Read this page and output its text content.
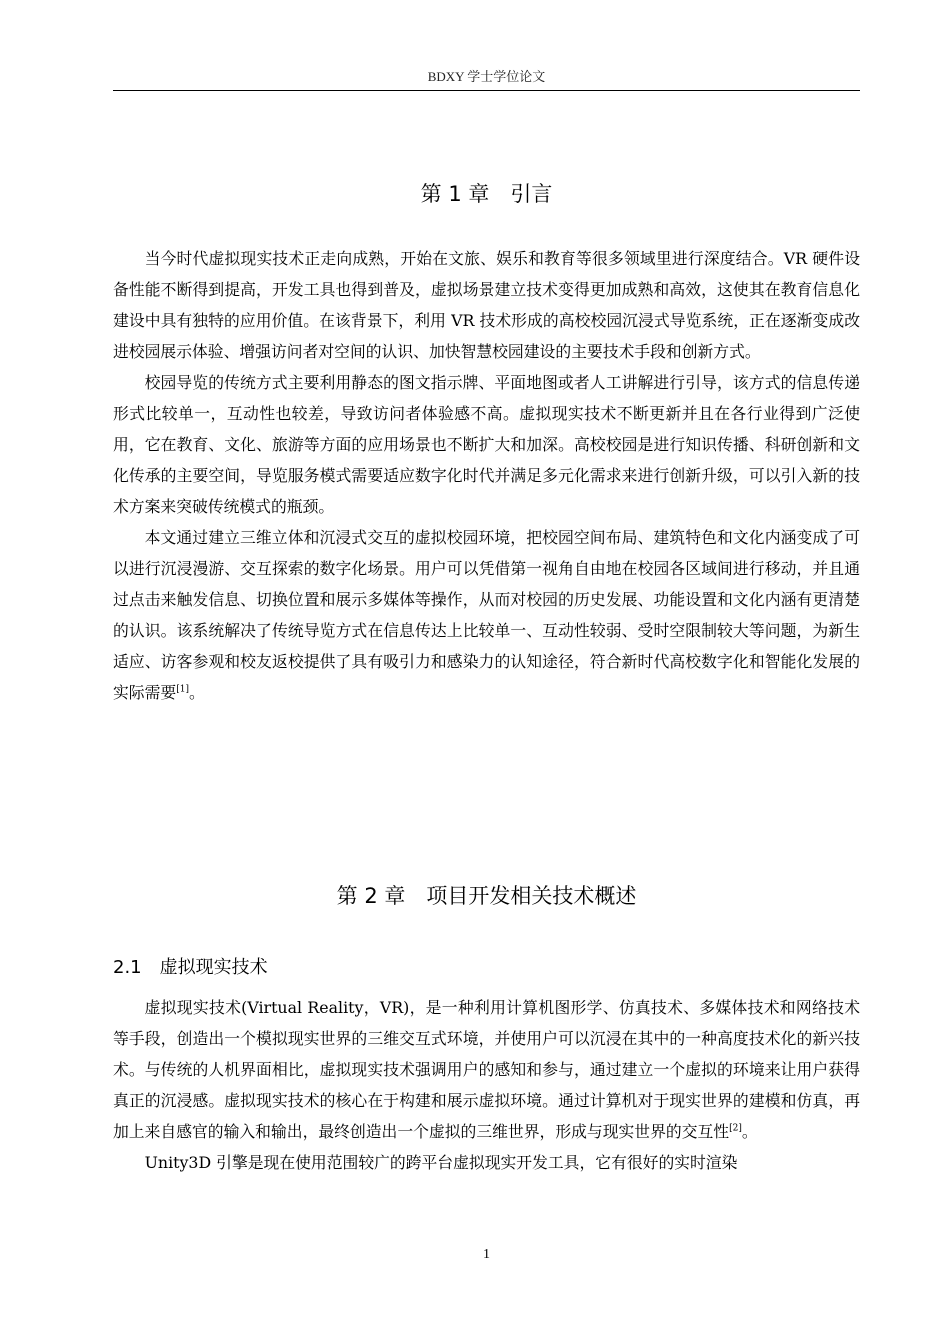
BDXY 学士学位论文
第 1 章　引言

当今时代虚拟现实技术正走向成熟，开始在文旅、娱乐和教育等很多领域里进行深度结合。VR 硬件设备性能不断得到提高，开发工具也得到普及，虚拟场景建立技术变得更加成熟和高效，这使其在教育信息化建设中具有独特的应用价值。在该背景下，利用 VR 技术形成的高校校园沉浸式导览系统，正在逐渐变成改进校园展示体验、增强访问者对空间的认识、加快智慧校园建设的主要技术手段和创新方式。

校园导览的传统方式主要利用静态的图文指示牌、平面地图或者人工讲解进行引导，该方式的信息传递形式比较单一，互动性也较差，导致访问者体验感不高。虚拟现实技术不断更新并且在各行业得到广泛使用，它在教育、文化、旅游等方面的应用场景也不断扩大和加深。高校校园是进行知识传播、科研创新和文化传承的主要空间，导览服务模式需要适应数字化时代并满足多元化需求来进行创新升级，可以引入新的技术方案来突破传统模式的瓶颈。

本文通过建立三维立体和沉浸式交互的虚拟校园环境，把校园空间布局、建筑特色和文化内涵变成了可以进行沉浸漫游、交互探索的数字化场景。用户可以凭借第一视角自由地在校园各区域间进行移动，并且通过点击来触发信息、切换位置和展示多媒体等操作，从而对校园的历史发展、功能设置和文化内涵有更清楚的认识。该系统解决了传统导览方式在信息传达上比较单一、互动性较弱、受时空限制较大等问题，为新生适应、访客参观和校友返校提供了具有吸引力和感染力的认知途径，符合新时代高校数字化和智能化发展的实际需要[1]。

第 2 章　项目开发相关技术概述
2.1　虚拟现实技术

虚拟现实技术(Virtual Reality，VR)，是一种利用计算机图形学、仿真技术、多媒体技术和网络技术等手段，创造出一个模拟现实世界的三维交互式环境，并使用户可以沉浸在其中的一种高度技术化的新兴技术。与传统的人机界面相比，虚拟现实技术强调用户的感知和参与，通过建立一个虚拟的环境来让用户获得真正的沉浸感。虚拟现实技术的核心在于构建和展示虚拟环境。通过计算机对于现实世界的建模和仿真，再加上来自感官的输入和输出，最终创造出一个虚拟的三维世界，形成与现实世界的交互性[2]。

Unity3D 引擎是现在使用范围较广的跨平台虚拟现实开发工具，它有很好的实时渲染

1
